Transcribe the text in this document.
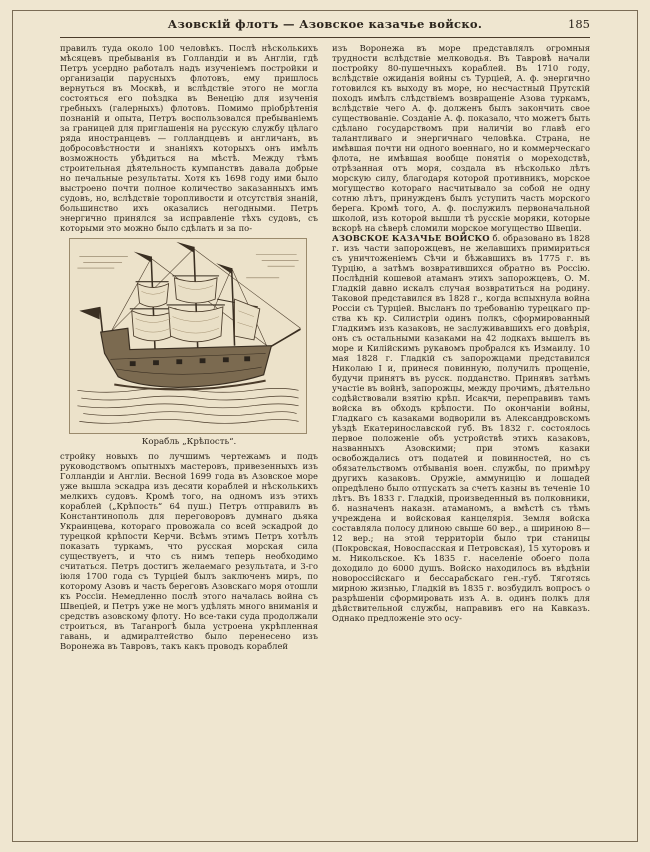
Азовскій флотъ — Азовское казачье войско.	185

правилъ туда около 100 человѣкъ. Послѣ нѣсколькихъ мѣсяцевъ пребыванія въ Голландіи и въ Англіи, гдѣ Петръ усердно работалъ надъ изученіемъ постройки и организаціи парусныхъ флотовъ, ему пришлось вернуться въ Москвѣ, и вслѣдствіе этого не могла состояться его поѣздка въ Венецію для изученія гребныхъ (галерныхъ) флотовъ. Помимо пріобрѣтенія познаній и опыта, Петръ воспользовался пребываніемъ за границей для приглашенія на русскую службу цѣлаго ряда иностранцевъ — голландцевъ и англичанъ, въ добросовѣстности и знаніяхъ которыхъ онъ имѣлъ возможность убѣдиться на мѣстѣ. Между тѣмъ строительная дѣятельность кумпанствъ давала добрые но печальные результаты. Хотя къ 1698 году ими было выстроено почти полное количество заказанныхъ имъ судовъ, но, вслѣдствіе торопливости и отсутствія знаній, большинство ихъ оказались негодными. Петръ энергично принялся за исправленіе тѣхъ судовъ, съ которыми это можно было сдѣлать и за по-

Корабль „Крѣпость“.

стройку новыхъ по лучшимъ чертежамъ и подъ руководствомъ опытныхъ мастеровъ, привезенныхъ изъ Голландіи и Англіи. Весной 1699 года въ Азовское море уже вышла эскадра изъ десяти кораблей и нѣсколькихъ мелкихъ судовъ. Кромѣ того, на одномъ изъ этихъ кораблей („Крѣпость“ 64 пуш.) Петръ отправилъ въ Константинополь для переговоровъ думнаго дьяка Украинцева, котораго провожала со всей эскадрой до турецкой крѣпости Керчи. Всѣмъ этимъ Петръ хотѣлъ показать туркамъ, что русская морская сила существуетъ, и что съ нимъ теперь необходимо считаться. Петръ достигъ желаемаго результата, и 3-го іюля 1700 года съ Турціей былъ заключенъ миръ, по которому Азовъ и часть береговъ Азовскаго моря отошли къ Россіи. Немедленно послѣ этого началась война съ Швеціей, и Петръ уже не могъ удѣлять много вниманія и средствъ азовскому флоту. Но все-таки суда продолжали строиться, въ Таганрогѣ была устроена укрѣпленная гавань, и адмиралтейство было перенесено изъ Воронежа въ Тавровъ, такъ какъ проводъ кораблей

изъ Воронежа въ море представлялъ огромныя трудности вслѣдствіе мелководья. Въ Тавровѣ начали постройку 80-пушечныхъ кораблей. Въ 1710 году, вслѣдствіе ожиданія войны съ Турціей, А. ф. энергично готовился къ выходу въ море, но несчастный Прутскій походъ имѣлъ слѣдствіемъ возвращеніе Азова туркамъ, вслѣдствіе чего А. ф. долженъ былъ закончить свое существованіе. Созданіе А. ф. показало, что можетъ быть сдѣлано государствомъ при наличіи во главѣ его талантливаго и энергичнаго человѣка. Страна, не имѣвшая почти ни одного военнаго, но и коммерческаго флота, не имѣвшая вообще понятія о мореходствѣ, отрѣзанная отъ моря, создала въ нѣсколько лѣтъ морскую силу, благодаря которой противникъ, морское могущество котораго насчитывало за собой не одну сотню лѣтъ, принужденъ былъ уступить часть морского берега. Кромѣ того, А. ф. послужилъ первоначальной школой, изъ которой вышли тѣ русскіе моряки, которые вскорѣ на сѣверѣ сломили морское могущество Швеціи.

АЗОВСКОЕ КАЗАЧЬЕ ВОЙСКО б. образовано въ 1828 г. изъ части запорожцевъ, не желавшихъ примириться съ уничтоженіемъ Сѣчи и бѣжавшихъ въ 1775 г. въ Турцію, а затѣмъ возвратившихся обратно въ Россію. Послѣдній кошевой атаманъ этихъ запорожцевъ, О. М. Гладкій давно искалъ случая возвратиться на родину. Таковой представился въ 1828 г., когда вспыхнула война Россіи съ Турціей. Высланъ по требованію турецкаго пр-ства къ кр. Силистріи одинъ полкъ, сформированный Гладкимъ изъ казаковъ, не заслуживавшихъ его довѣрія, онъ съ остальными казаками на 42 лодкахъ вышелъ въ море и Килійскимъ рукавомъ пробрался къ Измаилу. 10 мая 1828 г. Гладкій съ запорожцами представился Николаю I и, принеся повинную, получилъ прощеніе, будучи принятъ въ русск. подданство. Принявъ затѣмъ участіе въ войнѣ, запорожцы, между прочимъ, дѣятельно содѣйствовали взятію крѣп. Исакчи, переправивъ тамъ войска въ обходъ крѣпости. По окончаніи войны, Гладкаго съ казаками водворили въ Александровскомъ уѣздѣ Екатеринославской губ. Въ 1832 г. состоялось первое положеніе объ устройствѣ этихъ казаковъ, названныхъ Азовскими; при этомъ казаки освобождались отъ податей и повинностей, но съ обязательствомъ отбыванія воен. службы, по примѣру другихъ казаковъ. Оружіе, аммуницію и лошадей опредѣлено было отпускать за счетъ казны въ теченіе 10 лѣтъ. Въ 1833 г. Гладкій, произведенный въ полковники, б. назначенъ наказн. атаманомъ, а вмѣстѣ съ тѣмъ учреждена и войсковая канцелярія. Земля войска составляла полосу длиною свыше 60 вер., а шириною 8—12 вер.; на этой территоріи было три станицы (Покровская, Новоспасская и Петровская), 15 хуторовъ и м. Никольское. Къ 1835 г. населеніе обоего пола доходило до 6000 душъ. Войско находилось въ вѣдѣніи новороссійскаго и бессарабскаго ген.-губ. Тяготясь мирною жизнью, Гладкій въ 1835 г. возбудилъ вопросъ о разрѣшеніи сформировать изъ А. в. одинъ полкъ для дѣйствительной службы, направивъ его на Кавказъ. Однако предложеніе это осу-
